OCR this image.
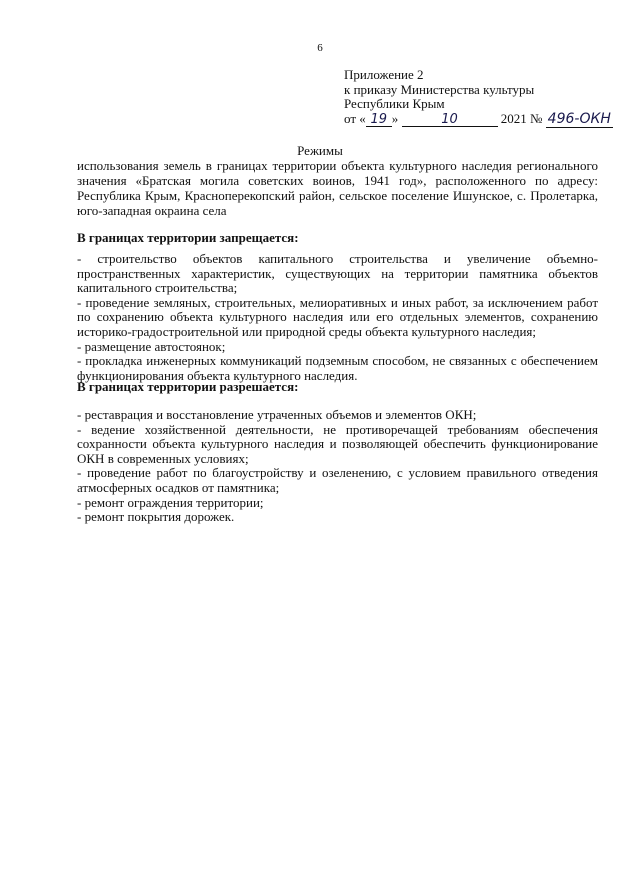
6
Приложение 2
к приказу Министерства культуры
Республики Крым
от « 19 »	10	2021 № 496-ОКН
Режимы

использования земель в границах территории объекта культурного наследия регионального значения «Братская могила советских воинов, 1941 год», расположенного по адресу: Республика Крым, Красноперекопский район, сельское поселение Ишунское, с. Пролетарка, юго-западная окраина села

В границах территории запрещается:

- строительство объектов капитального строительства и увеличение объемно-пространственных характеристик, существующих на территории памятника объектов капитального строительства;

- проведение земляных, строительных, мелиоративных и иных работ, за исключением работ по сохранению объекта культурного наследия или его отдельных элементов, сохранению историко-градостроительной или природной среды объекта культурного наследия;

- размещение автостоянок;

- прокладка инженерных коммуникаций подземным способом, не связанных с обеспечением функционирования объекта культурного наследия.

В границах территории разрешается:

- реставрация и восстановление утраченных объемов и элементов ОКН;

- ведение хозяйственной деятельности, не противоречащей требованиям обеспечения сохранности объекта культурного наследия и позволяющей обеспечить функционирование ОКН в современных условиях;

- проведение работ по благоустройству и озеленению, с условием правильного отведения атмосферных осадков от памятника;

- ремонт ограждения территории;

- ремонт покрытия дорожек.
